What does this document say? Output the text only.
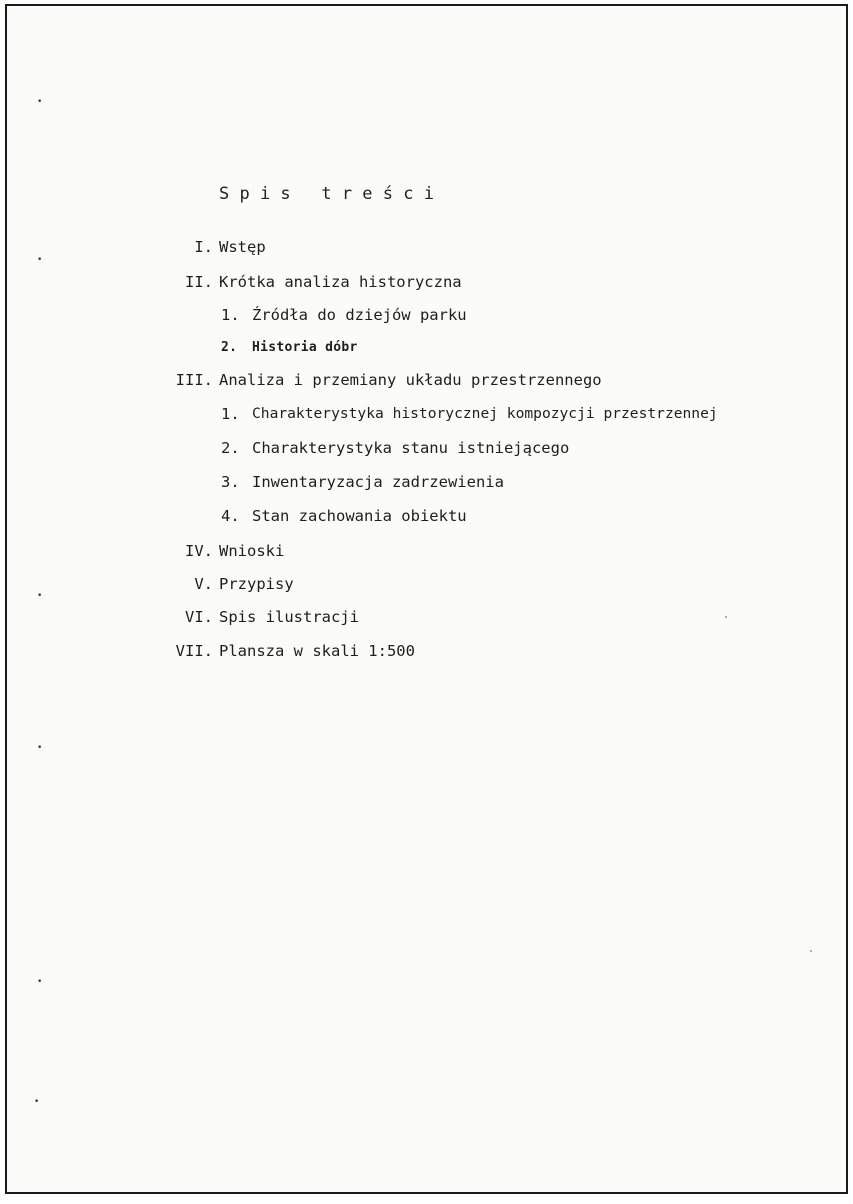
•
•
•
•
•
•
S p i s   t r e ś c i
I. Wstęp
II. Krótka analiza historyczna
1. Źródła do dziejów parku
2. Historia dóbr
III. Analiza i przemiany układu przestrzennego
1. Charakterystyka historycznej kompozycji przestrzennej
2. Charakterystyka stanu istniejącego
3. Inwentaryzacja zadrzewienia
4. Stan zachowania obiektu
IV. Wnioski
V. Przypisy
VI. Spis ilustracji
VII. Plansza w skali 1:500
